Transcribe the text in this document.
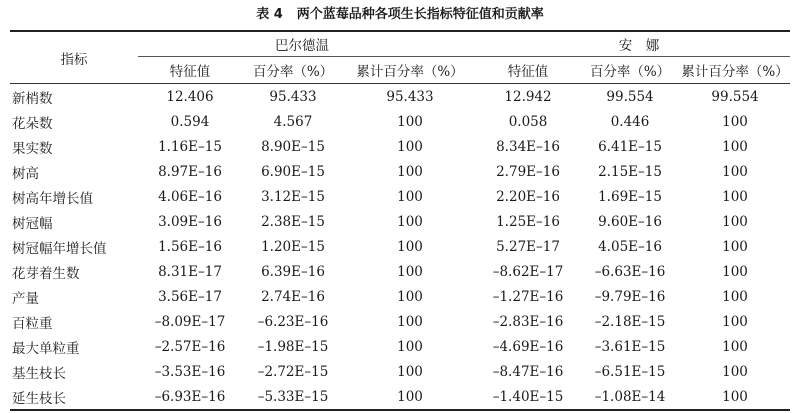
表 4 两个蓝莓品种各项生长指标特征值和贡献率
指标	巴尔德温			安　娜		
	特征值	百分率（%）	累计百分率（%）	特征值	百分率（%）	累计百分率（%）
新梢数	12.406	95.433	95.433	12.942	99.554	99.554
花朵数	0.594	4.567	100	0.058	0.446	100
果实数	1.16E–15	8.90E–15	100	8.34E–16	6.41E–15	100
树高	8.97E–16	6.90E–15	100	2.79E–16	2.15E–15	100
树高年增长值	4.06E–16	3.12E–15	100	2.20E–16	1.69E–15	100
树冠幅	3.09E–16	2.38E–15	100	1.25E–16	9.60E–16	100
树冠幅年增长值	1.56E–16	1.20E–15	100	5.27E–17	4.05E–16	100
花芽着生数	8.31E–17	6.39E–16	100	–8.62E–17	–6.63E–16	100
产量	3.56E–17	2.74E–16	100	–1.27E–16	–9.79E–16	100
百粒重	–8.09E–17	–6.23E–16	100	–2.83E–16	–2.18E–15	100
最大单粒重	–2.57E–16	–1.98E–15	100	–4.69E–16	–3.61E–15	100
基生枝长	–3.53E–16	–2.72E–15	100	–8.47E–16	–6.51E–15	100
延生枝长	–6.93E–16	–5.33E–15	100	–1.40E–15	–1.08E–14	100
